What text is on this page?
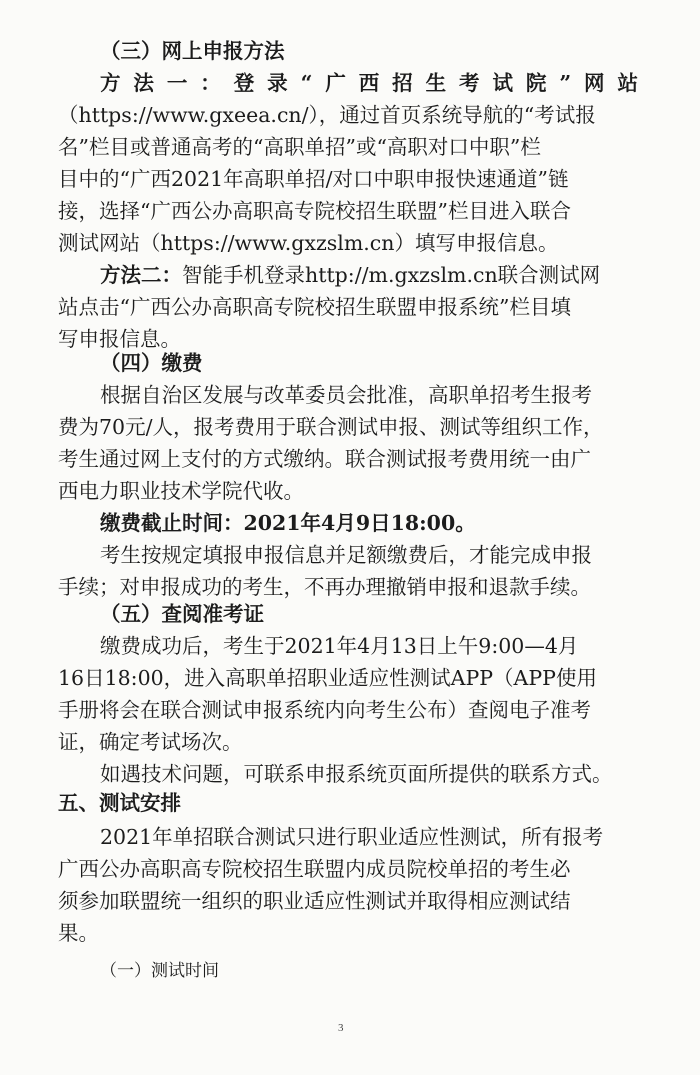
（三）网上申报方法
方法一：登录“广西招生考试院”网站
（https://www.gxeea.cn/），通过首页系统导航的“考试报
名”栏目或普通高考的“高职单招”或“高职对口中职”栏
目中的“广西2021年高职单招/对口中职申报快速通道”链
接，选择“广西公办高职高专院校招生联盟”栏目进入联合
测试网站（https://www.gxzslm.cn）填写申报信息。
方法二：智能手机登录http://m.gxzslm.cn联合测试网
站点击“广西公办高职高专院校招生联盟申报系统”栏目填
写申报信息。
（四）缴费
根据自治区发展与改革委员会批准，高职单招考生报考
费为70元/人，报考费用于联合测试申报、测试等组织工作，
考生通过网上支付的方式缴纳。联合测试报考费用统一由广
西电力职业技术学院代收。
缴费截止时间：2021年4月9日18:00。
考生按规定填报申报信息并足额缴费后，才能完成申报
手续；对申报成功的考生，不再办理撤销申报和退款手续。
（五）查阅准考证
缴费成功后，考生于2021年4月13日上午9:00—4月
16日18:00，进入高职单招职业适应性测试APP（APP使用
手册将会在联合测试申报系统内向考生公布）查阅电子准考
证，确定考试场次。
如遇技术问题，可联系申报系统页面所提供的联系方式。
五、测试安排
2021年单招联合测试只进行职业适应性测试，所有报考
广西公办高职高专院校招生联盟内成员院校单招的考生必
须参加联盟统一组织的职业适应性测试并取得相应测试结
果。
（一）测试时间
3
